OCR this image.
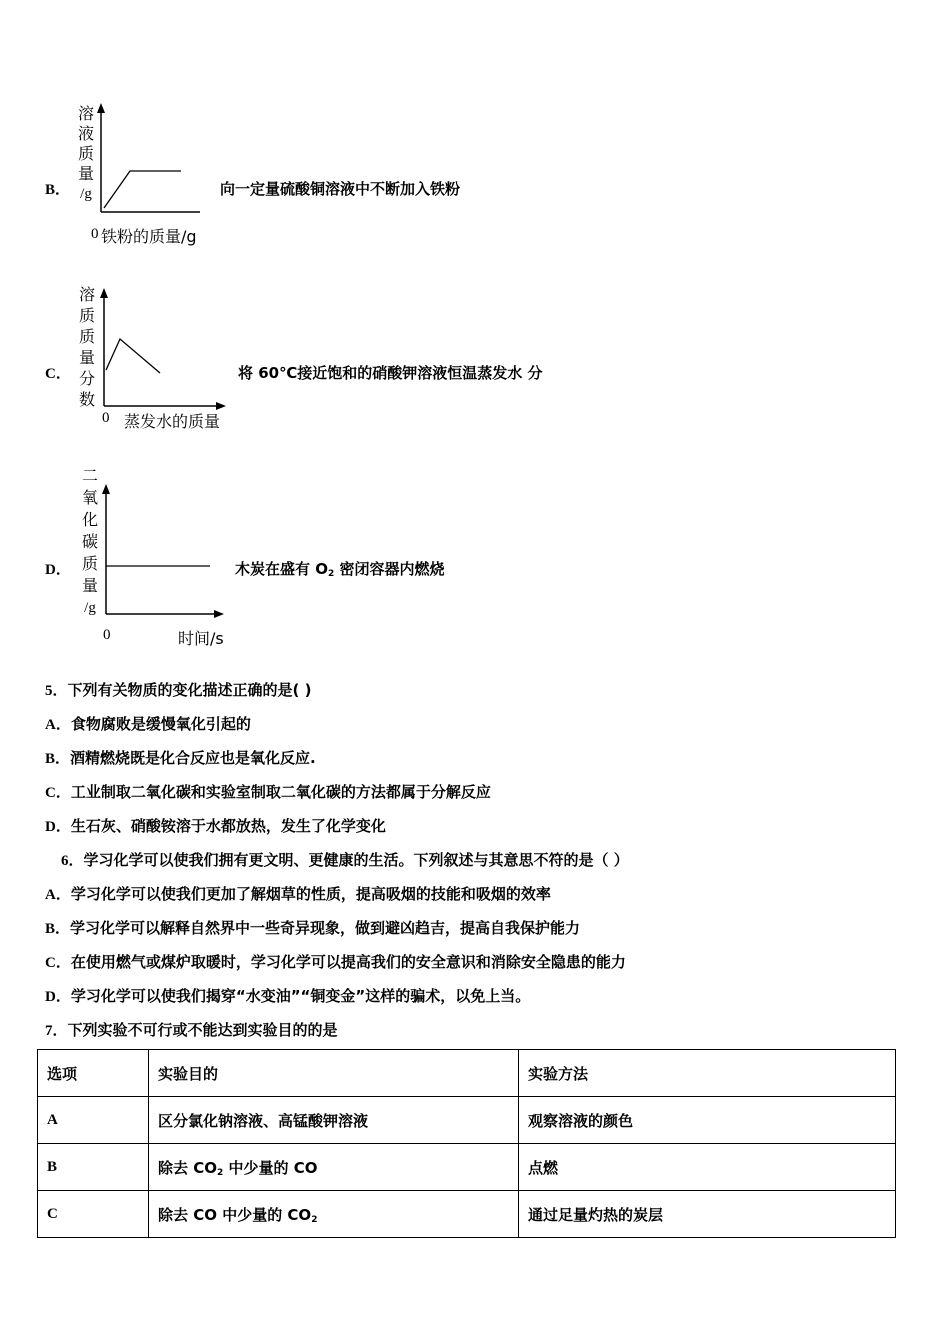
B．
溶
液
质
量
/g
0 铁粉的质量/g
向一定量硫酸铜溶液中不断加入铁粉
C．
溶
质
质
量
分
数
0 蒸发水的质量
将 60℃接近饱和的硝酸钾溶液恒温蒸发水 分
D．
二
氧
化
碳
质
量
/g
0	时间/s
木炭在盛有 $O_2$ 密闭容器内燃烧
5．下列有关物质的变化描述正确的是( )
A．食物腐败是缓慢氧化引起的
B．酒精燃烧既是化合反应也是氧化反应.
C．工业制取二氧化碳和实验室制取二氧化碳的方法都属于分解反应
D．生石灰、硝酸铵溶于水都放热，发生了化学变化
6．学习化学可以使我们拥有更文明、更健康的生活。下列叙述与其意思不符的是（ ）
A．学习化学可以使我们更加了解烟草的性质，提高吸烟的技能和吸烟的效率
B．学习化学可以解释自然界中一些奇异现象，做到避凶趋吉，提高自我保护能力
C．在使用燃气或煤炉取暖时，学习化学可以提高我们的安全意识和消除安全隐患的能力
D．学习化学可以使我们揭穿“水变油”“铜变金”这样的骗术，以免上当。
7．下列实验不可行或不能达到实验目的的是
选项	实验目的	实验方法
A	区分氯化钠溶液、高锰酸钾溶液	观察溶液的颜色
B	除去 $CO_2$ 中少量的 CO	点燃
C	除去 CO 中少量的 $CO_2$	通过足量灼热的炭层
